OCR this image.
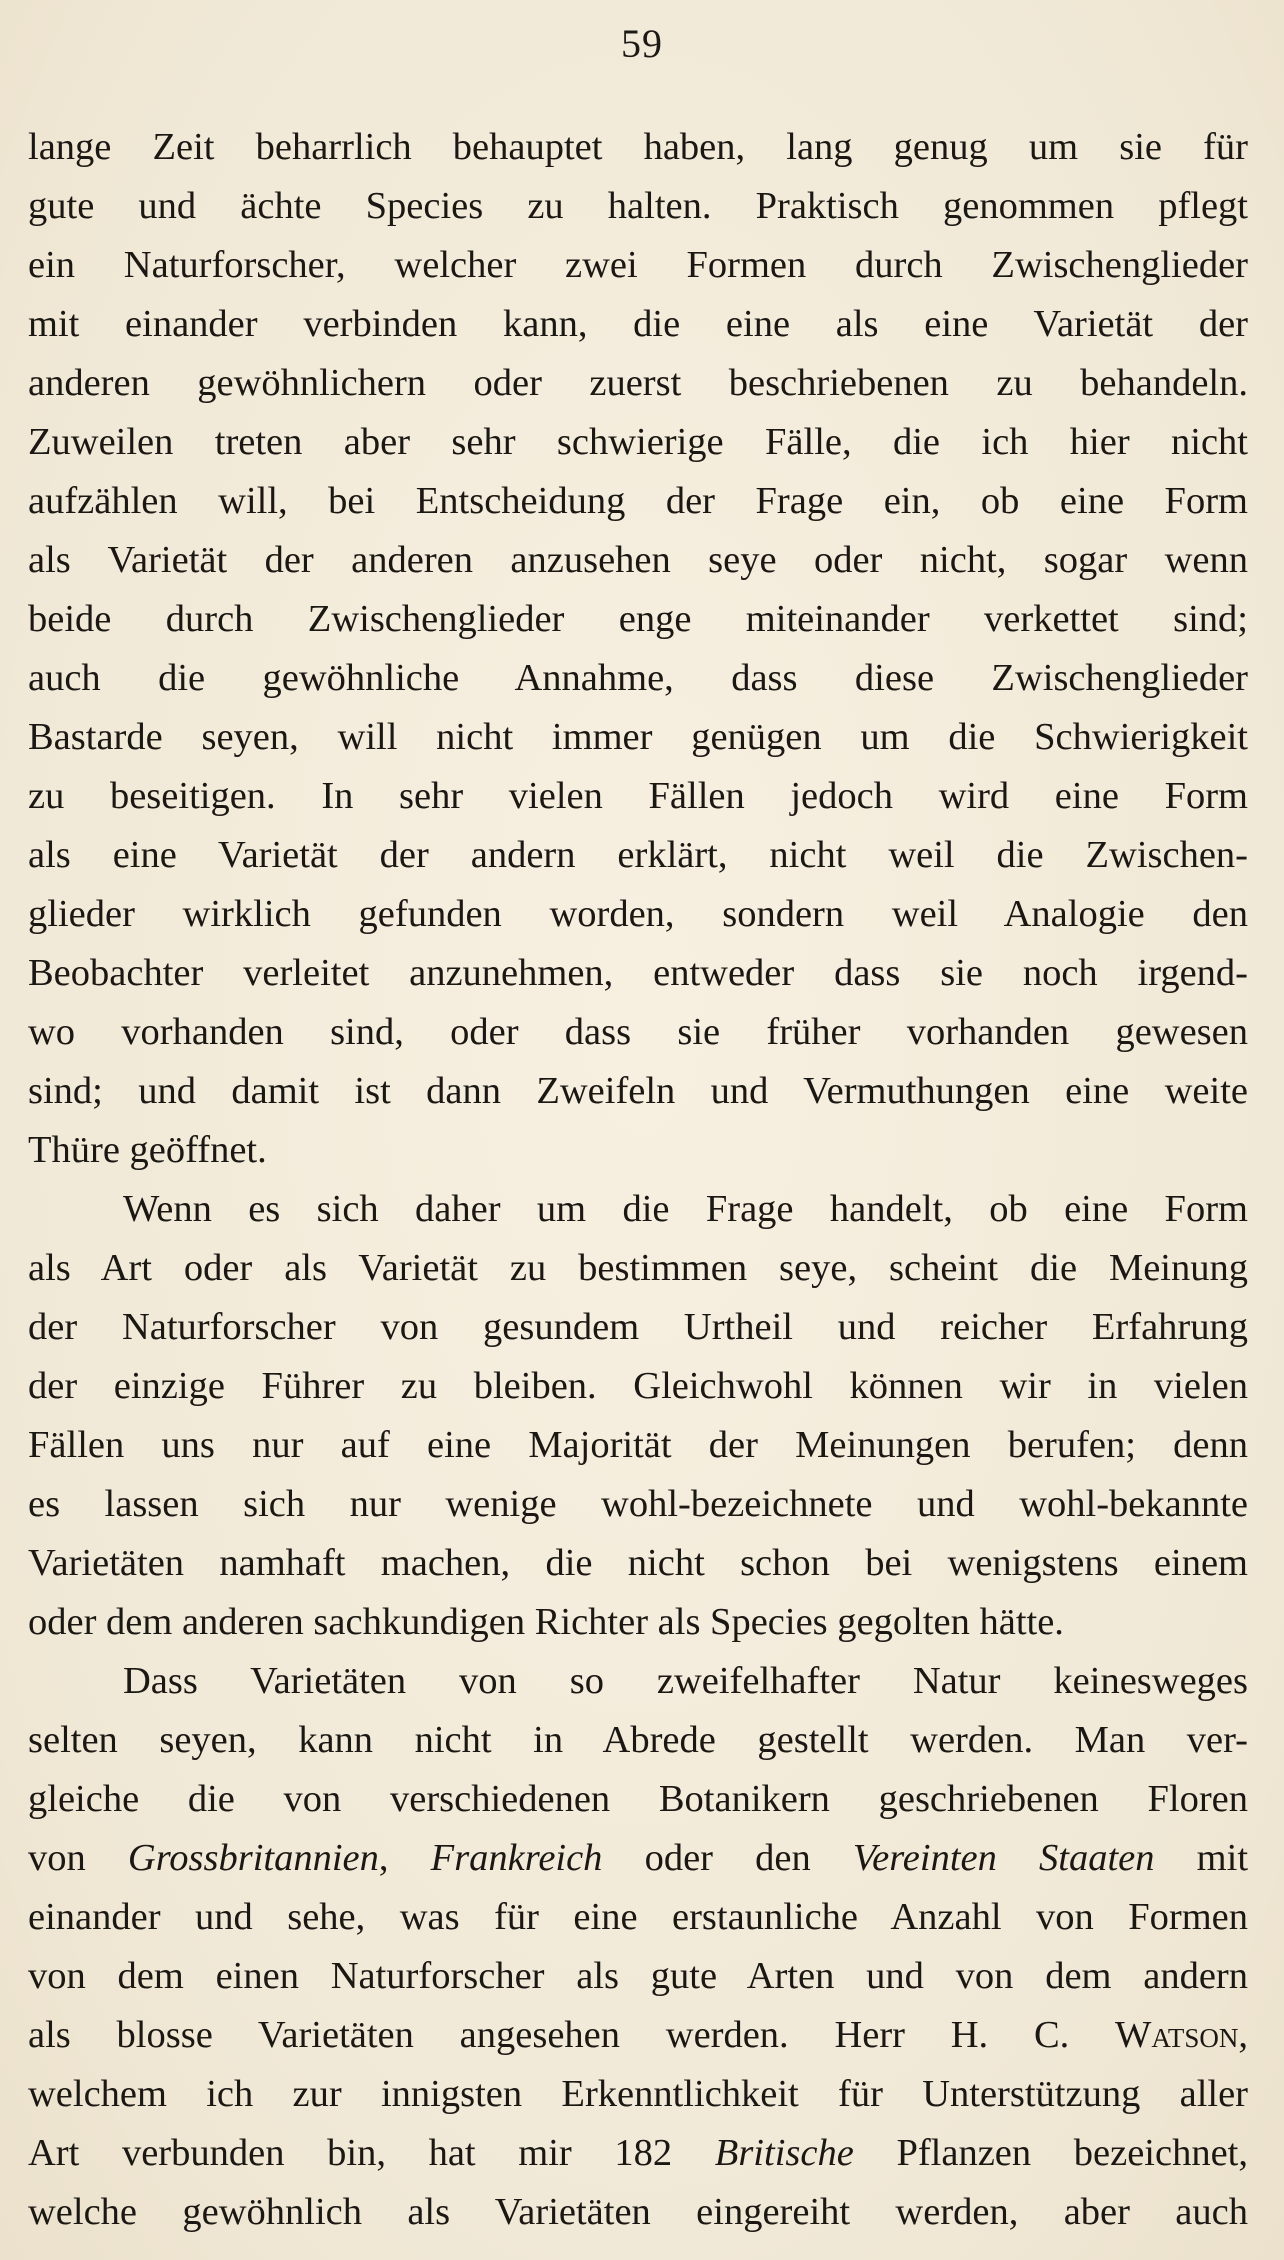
59
lange Zeit beharrlich behauptet haben, lang genug um sie für
gute und ächte Species zu halten. Praktisch genommen pflegt
ein Naturforscher, welcher zwei Formen durch Zwischenglieder
mit einander verbinden kann, die eine als eine Varietät der
anderen gewöhnlichern oder zuerst beschriebenen zu behandeln.
Zuweilen treten aber sehr schwierige Fälle, die ich hier nicht
aufzählen will, bei Entscheidung der Frage ein, ob eine Form
als Varietät der anderen anzusehen seye oder nicht, sogar wenn
beide durch Zwischenglieder enge miteinander verkettet sind;
auch die gewöhnliche Annahme, dass diese Zwischenglieder
Bastarde seyen, will nicht immer genügen um die Schwierigkeit
zu beseitigen. In sehr vielen Fällen jedoch wird eine Form
als eine Varietät der andern erklärt, nicht weil die Zwischen-
glieder wirklich gefunden worden, sondern weil Analogie den
Beobachter verleitet anzunehmen, entweder dass sie noch irgend-
wo vorhanden sind, oder dass sie früher vorhanden gewesen
sind; und damit ist dann Zweifeln und Vermuthungen eine weite
Thüre geöffnet.
Wenn es sich daher um die Frage handelt, ob eine Form
als Art oder als Varietät zu bestimmen seye, scheint die Meinung
der Naturforscher von gesundem Urtheil und reicher Erfahrung
der einzige Führer zu bleiben. Gleichwohl können wir in vielen
Fällen uns nur auf eine Majorität der Meinungen berufen; denn
es lassen sich nur wenige wohl-bezeichnete und wohl-bekannte
Varietäten namhaft machen, die nicht schon bei wenigstens einem
oder dem anderen sachkundigen Richter als Species gegolten hätte.
Dass Varietäten von so zweifelhafter Natur keinesweges
selten seyen, kann nicht in Abrede gestellt werden. Man ver-
gleiche die von verschiedenen Botanikern geschriebenen Floren
von Grossbritannien, Frankreich oder den Vereinten Staaten mit
einander und sehe, was für eine erstaunliche Anzahl von Formen
von dem einen Naturforscher als gute Arten und von dem andern
als blosse Varietäten angesehen werden. Herr H. C. Watson,
welchem ich zur innigsten Erkenntlichkeit für Unterstützung aller
Art verbunden bin, hat mir 182 Britische Pflanzen bezeichnet,
welche gewöhnlich als Varietäten eingereiht werden, aber auch
